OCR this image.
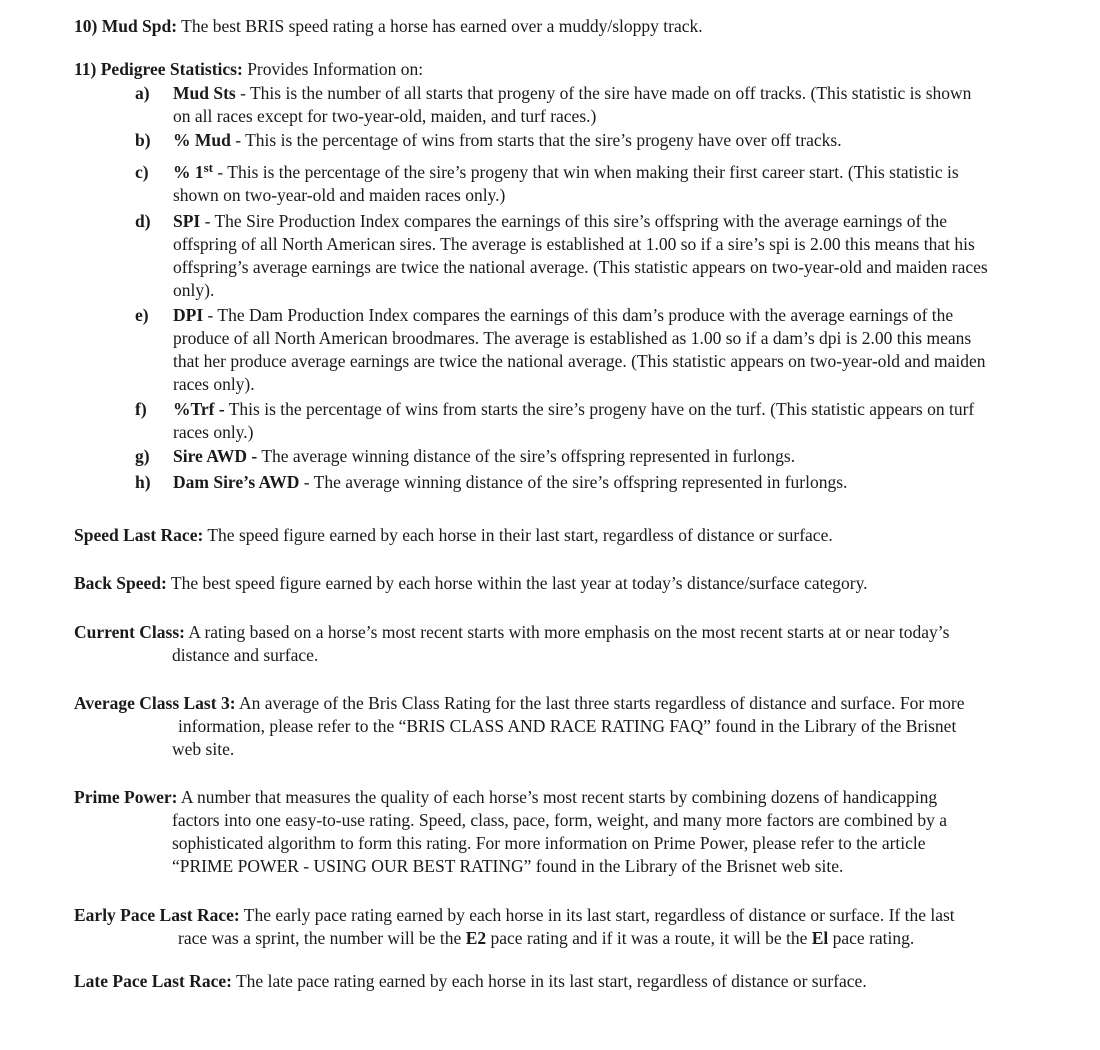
10) Mud Spd: The best BRIS speed rating a horse has earned over a muddy/sloppy track.
11) Pedigree Statistics: Provides Information on:
a) Mud Sts - This is the number of all starts that progeny of the sire have made on off tracks. (This statistic is shown
on all races except for two-year-old, maiden, and turf races.)
b) % Mud - This is the percentage of wins from starts that the sire’s progeny have over off tracks.
c) % 1st - This is the percentage of the sire’s progeny that win when making their first career start. (This statistic is
shown on two-year-old and maiden races only.)
d) SPI - The Sire Production Index compares the earnings of this sire’s offspring with the average earnings of the
offspring of all North American sires. The average is established at 1.00 so if a sire’s spi is 2.00 this means that his
offspring’s average earnings are twice the national average. (This statistic appears on two-year-old and maiden races
only).
e) DPI - The Dam Production Index compares the earnings of this dam’s produce with the average earnings of the
produce of all North American broodmares. The average is established as 1.00 so if a dam’s dpi is 2.00 this means
that her produce average earnings are twice the national average. (This statistic appears on two-year-old and maiden
races only).
f) %Trf - This is the percentage of wins from starts the sire’s progeny have on the turf. (This statistic appears on turf
races only.)
g) Sire AWD - The average winning distance of the sire’s offspring represented in furlongs.
h) Dam Sire’s AWD - The average winning distance of the sire’s offspring represented in furlongs.
Speed Last Race: The speed figure earned by each horse in their last start, regardless of distance or surface.
Back Speed: The best speed figure earned by each horse within the last year at today’s distance/surface category.
Current Class: A rating based on a horse’s most recent starts with more emphasis on the most recent starts at or near today’s
distance and surface.
Average Class Last 3: An average of the Bris Class Rating for the last three starts regardless of distance and surface. For more
information, please refer to the “BRIS CLASS AND RACE RATING FAQ” found in the Library of the Brisnet
web site.
Prime Power: A number that measures the quality of each horse’s most recent starts by combining dozens of handicapping
factors into one easy-to-use rating. Speed, class, pace, form, weight, and many more factors are combined by a
sophisticated algorithm to form this rating. For more information on Prime Power, please refer to the article
“PRIME POWER - USING OUR BEST RATING” found in the Library of the Brisnet web site.
Early Pace Last Race: The early pace rating earned by each horse in its last start, regardless of distance or surface. If the last
race was a sprint, the number will be the E2 pace rating and if it was a route, it will be the El pace rating.
Late Pace Last Race: The late pace rating earned by each horse in its last start, regardless of distance or surface.
